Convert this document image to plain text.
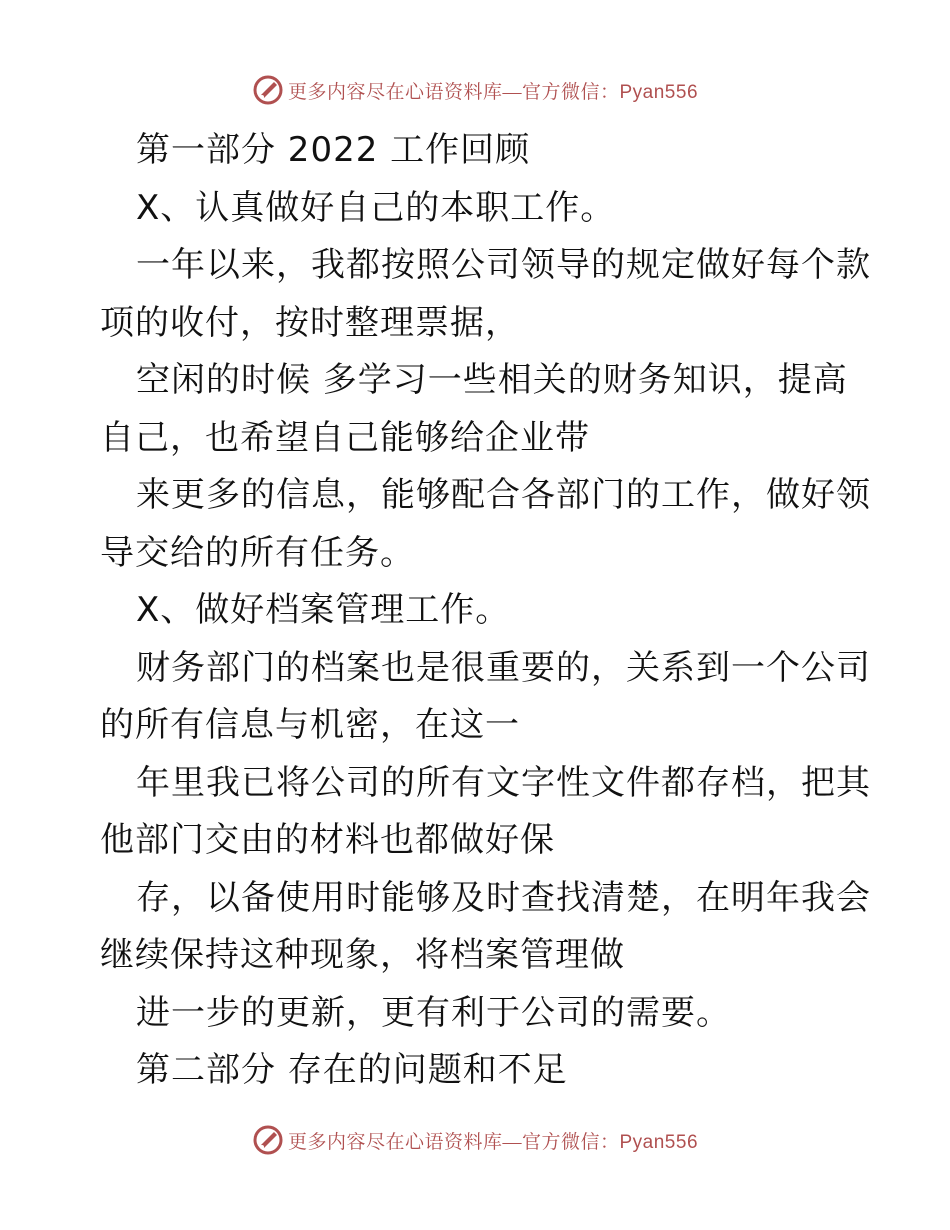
更多内容尽在心语资料库—官方微信：Pyan556
第一部分 2022 工作回顾
X、认真做好自己的本职工作。
一年以来，我都按照公司领导的规定做好每个款
项的收付，按时整理票据，
空闲的时候 多学习一些相关的财务知识，提高
自己，也希望自己能够给企业带
来更多的信息，能够配合各部门的工作，做好领
导交给的所有任务。
X、做好档案管理工作。
财务部门的档案也是很重要的，关系到一个公司
的所有信息与机密，在这一
年里我已将公司的所有文字性文件都存档，把其
他部门交由的材料也都做好保
存，以备使用时能够及时查找清楚，在明年我会
继续保持这种现象，将档案管理做
进一步的更新，更有利于公司的需要。
第二部分 存在的问题和不足
更多内容尽在心语资料库—官方微信：Pyan556
